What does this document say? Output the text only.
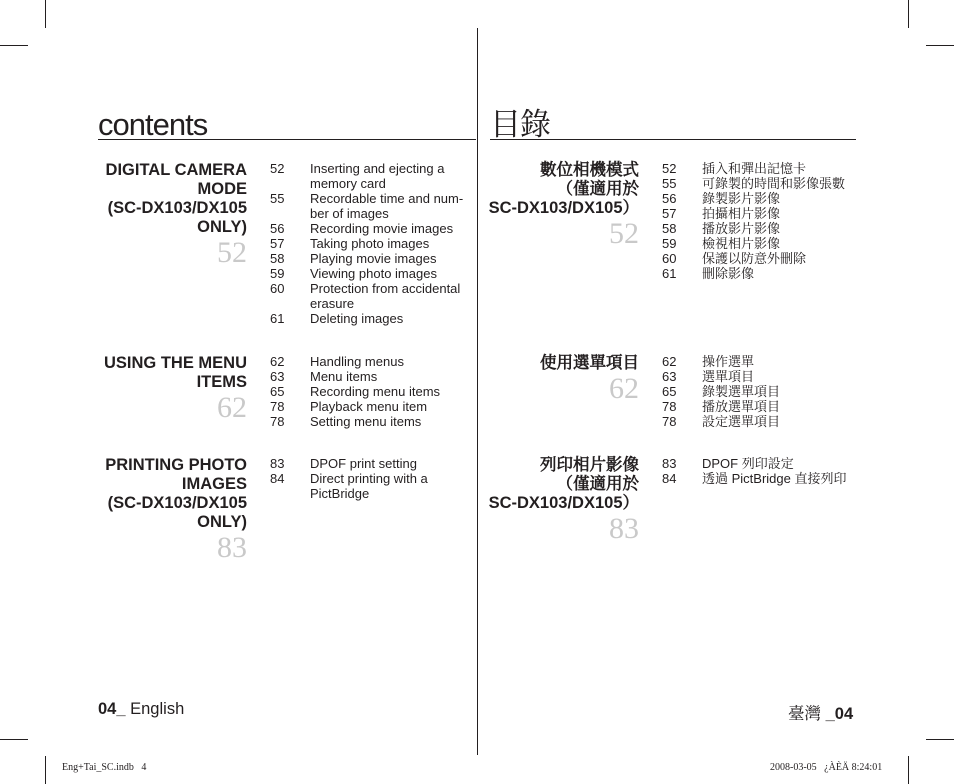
contents
DIGITAL CAMERA
MODE
(SC-DX103/DX105
ONLY)
52
52	Inserting and ejecting a
memory card
55	Recordable time and num-
ber of images
56	Recording movie images
57	Taking photo images
58	Playing movie images
59	Viewing photo images
60	Protection from accidental
erasure
61	Deleting images
USING THE MENU
ITEMS
62
62	Handling menus
63	Menu items
65	Recording menu items
78	Playback menu item
78	Setting menu items
PRINTING PHOTO
IMAGES
(SC-DX103/DX105
ONLY)
83
83	DPOF print setting
84	Direct printing with a
PictBridge
目錄
數位相機模式
（僅適用於
SC-DX103/DX105）
52
52	插入和彈出記憶卡
55	可錄製的時間和影像張數
56	錄製影片影像
57	拍攝相片影像
58	播放影片影像
59	檢視相片影像
60	保護以防意外刪除
61	刪除影像
使用選單項目
62
62	操作選單
63	選單項目
65	錄製選單項目
78	播放選單項目
78	設定選單項目
列印相片影像
（僅適用於
SC-DX103/DX105）
83
83	DPOF 列印設定
84	透過 PictBridge 直接列印
04_ English	臺灣 _04
Eng+Tai_SC.indb   4	2008-03-05   ¿ÀÈÄ 8:24:01
